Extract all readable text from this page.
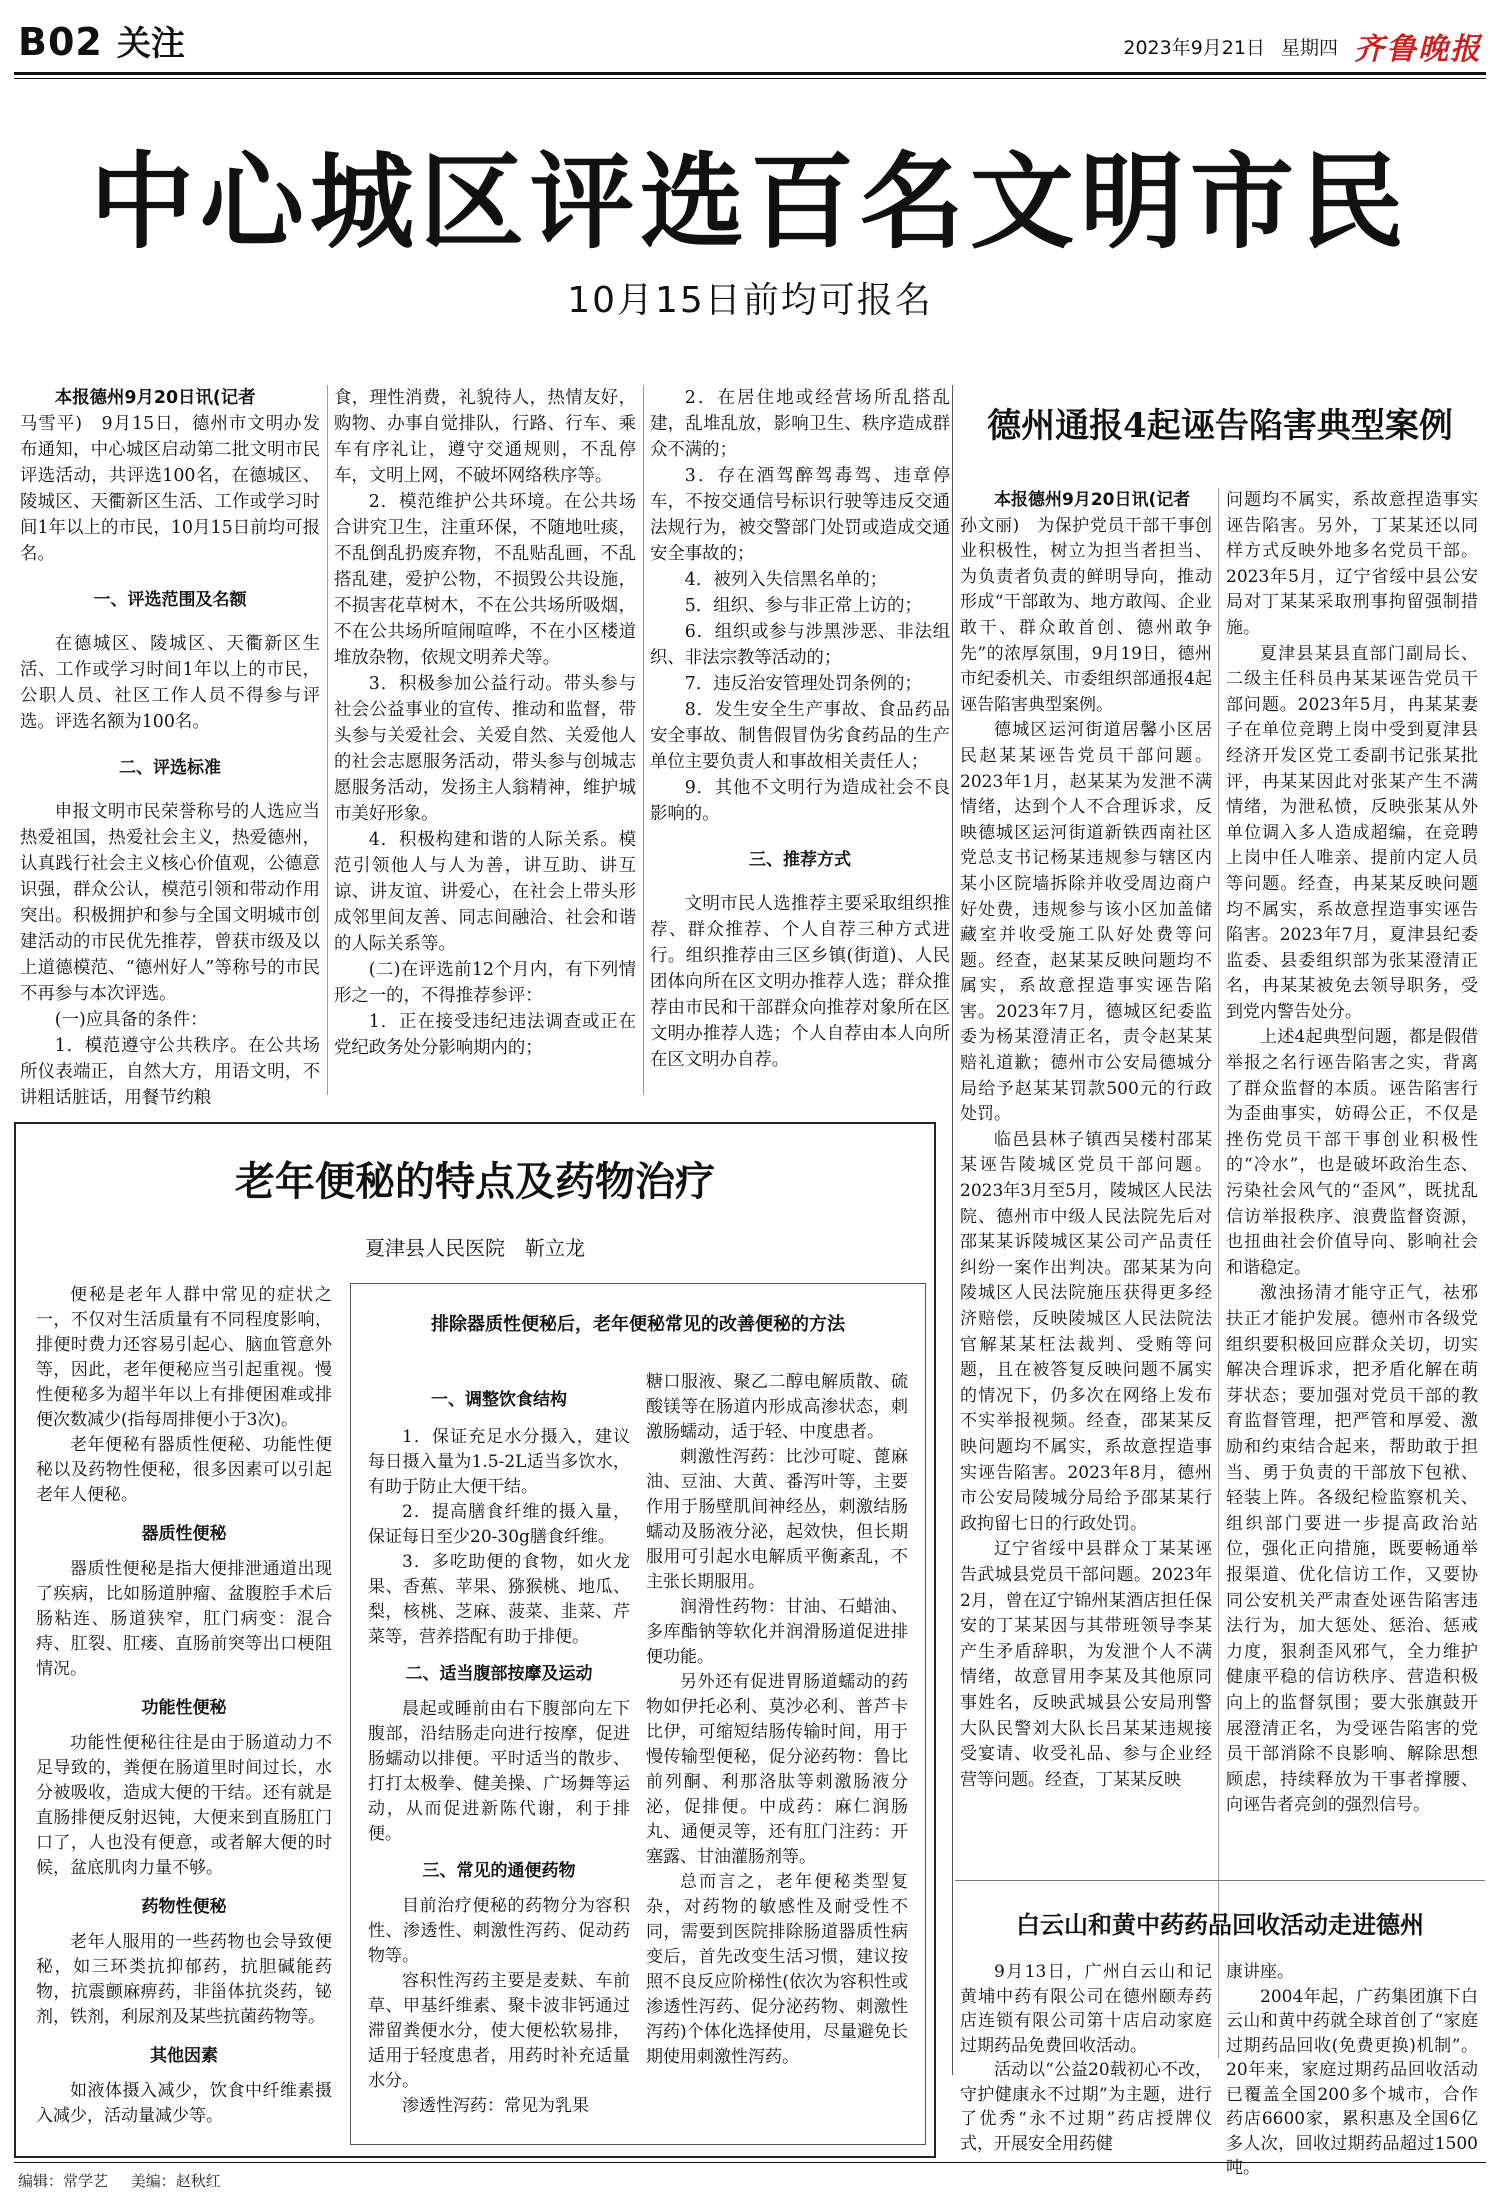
B02 关注	2023年9月21日 星期四 齐鲁晚报
中心城区评选百名文明市民
10月15日前均可报名

本报德州9月20日讯(记者

马雪平)　9月15日，德州市文明办发布通知，中心城区启动第二批文明市民评选活动，共评选100名，在德城区、陵城区、天衢新区生活、工作或学习时间1年以上的市民，10月15日前均可报名。

一、评选范围及名额

在德城区、陵城区、天衢新区生活、工作或学习时间1年以上的市民，公职人员、社区工作人员不得参与评选。评选名额为100名。

二、评选标准

申报文明市民荣誉称号的人选应当热爱祖国，热爱社会主义，热爱德州，认真践行社会主义核心价值观，公德意识强，群众公认，模范引领和带动作用突出。积极拥护和参与全国文明城市创建活动的市民优先推荐，曾获市级及以上道德模范、“德州好人”等称号的市民不再参与本次评选。

(一)应具备的条件：

1．模范遵守公共秩序。在公共场所仪表端正，自然大方，用语文明，不讲粗话脏话，用餐节约粮

食，理性消费，礼貌待人，热情友好，购物、办事自觉排队，行路、行车、乘车有序礼让，遵守交通规则，不乱停车，文明上网，不破坏网络秩序等。

2．模范维护公共环境。在公共场合讲究卫生，注重环保，不随地吐痰，不乱倒乱扔废弃物，不乱贴乱画，不乱搭乱建，爱护公物，不损毁公共设施，不损害花草树木，不在公共场所吸烟，不在公共场所喧闹喧哗，不在小区楼道堆放杂物，依规文明养犬等。

3．积极参加公益行动。带头参与社会公益事业的宣传、推动和监督，带头参与关爱社会、关爱自然、关爱他人的社会志愿服务活动，带头参与创城志愿服务活动，发扬主人翁精神，维护城市美好形象。

4．积极构建和谐的人际关系。模范引领他人与人为善，讲互助、讲互谅、讲友谊、讲爱心，在社会上带头形成邻里间友善、同志间融洽、社会和谐的人际关系等。

(二)在评选前12个月内，有下列情形之一的，不得推荐参评：

1．正在接受违纪违法调查或正在党纪政务处分影响期内的；

2．在居住地或经营场所乱搭乱建，乱堆乱放，影响卫生、秩序造成群众不满的；

3．存在酒驾醉驾毒驾、违章停车，不按交通信号标识行驶等违反交通法规行为，被交警部门处罚或造成交通安全事故的；

4．被列入失信黑名单的；

5．组织、参与非正常上访的；

6．组织或参与涉黑涉恶、非法组织、非法宗教等活动的；

7．违反治安管理处罚条例的；

8．发生安全生产事故、食品药品安全事故、制售假冒伪劣食药品的生产单位主要负责人和事故相关责任人；

9．其他不文明行为造成社会不良影响的。

三、推荐方式

文明市民人选推荐主要采取组织推荐、群众推荐、个人自荐三种方式进行。组织推荐由三区乡镇(街道)、人民团体向所在区文明办推荐人选；群众推荐由市民和干部群众向推荐对象所在区文明办推荐人选；个人自荐由本人向所在区文明办自荐。

德州通报4起诬告陷害典型案例

本报德州9月20日讯(记者

孙文丽)　为保护党员干部干事创业积极性，树立为担当者担当、为负责者负责的鲜明导向，推动形成“干部敢为、地方敢闯、企业敢干、群众敢首创、德州敢争先”的浓厚氛围，9月19日，德州市纪委机关、市委组织部通报4起诬告陷害典型案例。

德城区运河街道居馨小区居民赵某某诬告党员干部问题。2023年1月，赵某某为发泄不满情绪，达到个人不合理诉求，反映德城区运河街道新铁西南社区党总支书记杨某违规参与辖区内某小区院墙拆除并收受周边商户好处费，违规参与该小区加盖储藏室并收受施工队好处费等问题。经查，赵某某反映问题均不属实，系故意捏造事实诬告陷害。2023年7月，德城区纪委监委为杨某澄清正名，责令赵某某赔礼道歉；德州市公安局德城分局给予赵某某罚款500元的行政处罚。

临邑县林子镇西吴楼村邵某某诬告陵城区党员干部问题。2023年3月至5月，陵城区人民法院、德州市中级人民法院先后对邵某某诉陵城区某公司产品责任纠纷一案作出判决。邵某某为向陵城区人民法院施压获得更多经济赔偿，反映陵城区人民法院法官解某某枉法裁判、受贿等问题，且在被答复反映问题不属实的情况下，仍多次在网络上发布不实举报视频。经查，邵某某反映问题均不属实，系故意捏造事实诬告陷害。2023年8月，德州市公安局陵城分局给予邵某某行政拘留七日的行政处罚。

辽宁省绥中县群众丁某某诬告武城县党员干部问题。2023年2月，曾在辽宁锦州某酒店担任保安的丁某某因与其带班领导李某产生矛盾辞职，为发泄个人不满情绪，故意冒用李某及其他原同事姓名，反映武城县公安局刑警大队民警刘大队长吕某某违规接受宴请、收受礼品、参与企业经营等问题。经查，丁某某反映

问题均不属实，系故意捏造事实诬告陷害。另外，丁某某还以同样方式反映外地多名党员干部。2023年5月，辽宁省绥中县公安局对丁某某采取刑事拘留强制措施。

夏津县某县直部门副局长、二级主任科员冉某某诬告党员干部问题。2023年5月，冉某某妻子在单位竞聘上岗中受到夏津县经济开发区党工委副书记张某批评，冉某某因此对张某产生不满情绪，为泄私愤，反映张某从外单位调入多人造成超编，在竞聘上岗中任人唯亲、提前内定人员等问题。经查，冉某某反映问题均不属实，系故意捏造事实诬告陷害。2023年7月，夏津县纪委监委、县委组织部为张某澄清正名，冉某某被免去领导职务，受到党内警告处分。

上述4起典型问题，都是假借举报之名行诬告陷害之实，背离了群众监督的本质。诬告陷害行为歪曲事实，妨碍公正，不仅是挫伤党员干部干事创业积极性的“冷水”，也是破坏政治生态、污染社会风气的“歪风”，既扰乱信访举报秩序、浪费监督资源，也扭曲社会价值导向、影响社会和谐稳定。

激浊扬清才能守正气，祛邪扶正才能护发展。德州市各级党组织要积极回应群众关切，切实解决合理诉求，把矛盾化解在萌芽状态；要加强对党员干部的教育监督管理，把严管和厚爱、激励和约束结合起来，帮助敢于担当、勇于负责的干部放下包袱、轻装上阵。各级纪检监察机关、组织部门要进一步提高政治站位，强化正向措施，既要畅通举报渠道、优化信访工作，又要协同公安机关严肃查处诬告陷害违法行为，加大惩处、惩治、惩戒力度，狠刹歪风邪气，全力维护健康平稳的信访秩序、营造积极向上的监督氛围；要大张旗鼓开展澄清正名，为受诬告陷害的党员干部消除不良影响、解除思想顾虑，持续释放为干事者撑腰、向诬告者亮剑的强烈信号。

老年便秘的特点及药物治疗
夏津县人民医院　靳立龙

便秘是老年人群中常见的症状之一，不仅对生活质量有不同程度影响，排便时费力还容易引起心、脑血管意外等，因此，老年便秘应当引起重视。慢性便秘多为超半年以上有排便困难或排便次数减少(指每周排便小于3次)。

老年便秘有器质性便秘、功能性便秘以及药物性便秘，很多因素可以引起老年人便秘。

器质性便秘

器质性便秘是指大便排泄通道出现了疾病，比如肠道肿瘤、盆腹腔手术后肠粘连、肠道狭窄，肛门病变：混合痔、肛裂、肛瘘、直肠前突等出口梗阻情况。

功能性便秘

功能性便秘往往是由于肠道动力不足导致的，粪便在肠道里时间过长，水分被吸收，造成大便的干结。还有就是直肠排便反射迟钝，大便来到直肠肛门口了，人也没有便意，或者解大便的时候，盆底肌肉力量不够。

药物性便秘

老年人服用的一些药物也会导致便秘，如三环类抗抑郁药，抗胆碱能药物，抗震颤麻痹药，非甾体抗炎药，铋剂，铁剂，利尿剂及某些抗菌药物等。

其他因素

如液体摄入减少，饮食中纤维素摄入减少，活动量减少等。

排除器质性便秘后，老年便秘常见的改善便秘的方法

一、调整饮食结构

1．保证充足水分摄入，建议每日摄入量为1.5-2L适当多饮水，有助于防止大便干结。

2．提高膳食纤维的摄入量，保证每日至少20-30g膳食纤维。

3．多吃助便的食物，如火龙果、香蕉、苹果、猕猴桃、地瓜、梨，核桃、芝麻、菠菜、韭菜、芹菜等，营养搭配有助于排便。

二、适当腹部按摩及运动

晨起或睡前由右下腹部向左下腹部，沿结肠走向进行按摩，促进肠蠕动以排便。平时适当的散步、打打太极拳、健美操、广场舞等运动，从而促进新陈代谢，利于排便。

三、常见的通便药物

目前治疗便秘的药物分为容积性、渗透性、刺激性泻药、促动药物等。

容积性泻药主要是麦麸、车前草、甲基纤维素、聚卡波非钙通过滞留粪便水分，使大便松软易排，适用于轻度患者，用药时补充适量水分。

渗透性泻药：常见为乳果

糖口服液、聚乙二醇电解质散、硫酸镁等在肠道内形成高渗状态，刺激肠蠕动，适于轻、中度患者。

刺激性泻药：比沙可啶、蓖麻油、豆油、大黄、番泻叶等，主要作用于肠壁肌间神经丛，刺激结肠蠕动及肠液分泌，起效快，但长期服用可引起水电解质平衡紊乱，不主张长期服用。

润滑性药物：甘油、石蜡油、多库酯钠等软化并润滑肠道促进排便功能。

另外还有促进胃肠道蠕动的药物如伊托必利、莫沙必利、普芦卡比伊，可缩短结肠传输时间，用于慢传输型便秘，促分泌药物：鲁比前列酮、利那洛肽等刺激肠液分泌，促排便。中成药：麻仁润肠丸、通便灵等，还有肛门注药：开塞露、甘油灌肠剂等。

总而言之，老年便秘类型复杂，对药物的敏感性及耐受性不同，需要到医院排除肠道器质性病变后，首先改变生活习惯，建议按照不良反应阶梯性(依次为容积性或渗透性泻药、促分泌药物、刺激性泻药)个体化选择使用，尽量避免长期使用刺激性泻药。

白云山和黄中药药品回收活动走进德州

9月13日，广州白云山和记黄埔中药有限公司在德州颐寿药店连锁有限公司第十店启动家庭过期药品免费回收活动。

活动以“公益20载初心不改，守护健康永不过期”为主题，进行了优秀“永不过期”药店授牌仪式，开展安全用药健

康讲座。

2004年起，广药集团旗下白云山和黄中药就全球首创了“家庭过期药品回收(免费更换)机制”。20年来，家庭过期药品回收活动已覆盖全国200多个城市，合作药店6600家，累积惠及全国6亿多人次，回收过期药品超过1500吨。

编辑：常学艺 美编：赵秋红
